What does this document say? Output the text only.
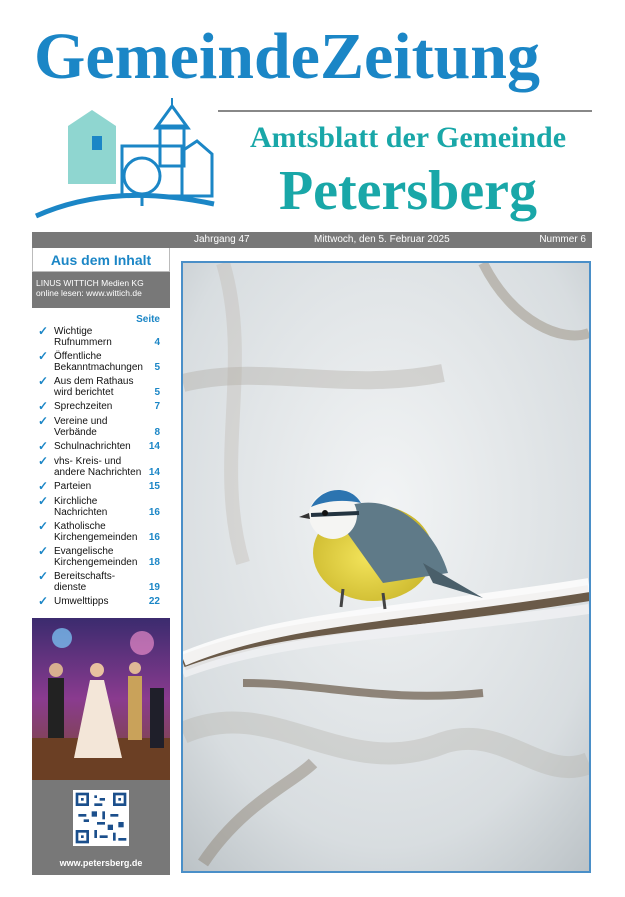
GemeindeZeitung
Amtsblatt der Gemeinde
Petersberg
Jahrgang 47	Mittwoch, den 5. Februar 2025	Nummer 6
Aus dem Inhalt
LINUS WITTICH Medien KG
online lesen: www.wittich.de
Seite
✓ Wichtige Rufnummern	4
✓ Öffentliche Bekanntmachungen 5
✓ Aus dem Rathaus wird berichtet	5
✓ Sprechzeiten	7
✓ Vereine und Verbände	8
✓ Schulnachrichten	14
✓ vhs- Kreis- und andere Nachrichten 14
✓ Parteien	15
✓ Kirchliche Nachrichten	16
✓ Katholische Kirchengemeinden	16
✓ Evangelische Kirchengemeinden	18
✓ Bereitschafts-dienste	19
✓ Umwelttipps	22
www.petersberg.de
